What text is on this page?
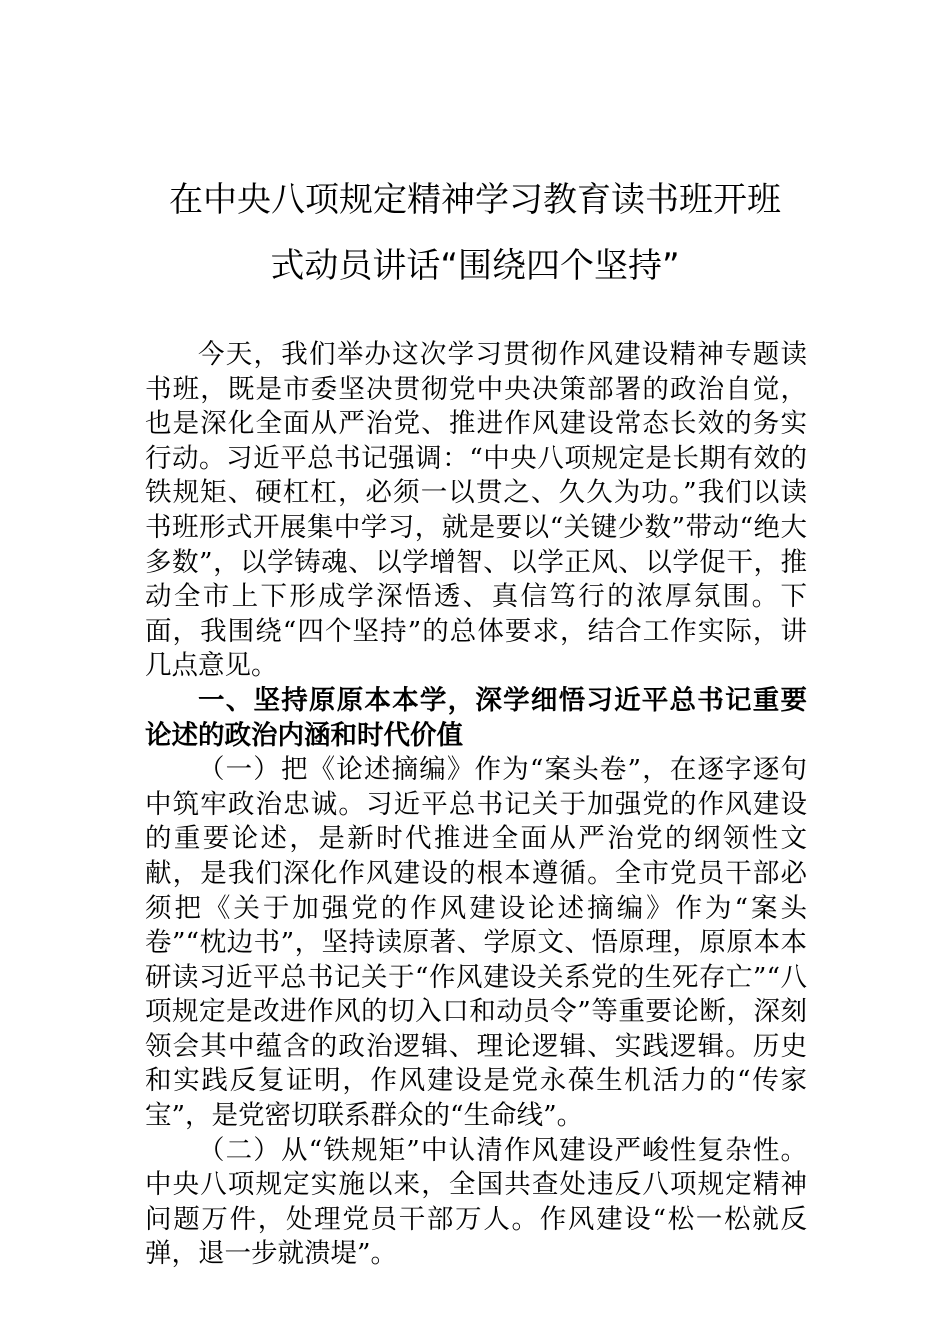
在中央八项规定精神学习教育读书班开班
式动员讲话“围绕四个坚持”

今天，我们举办这次学习贯彻作风建设精神专题读书班，既是市委坚决贯彻党中央决策部署的政治自觉，也是深化全面从严治党、推进作风建设常态长效的务实行动。习近平总书记强调：“中央八项规定是长期有效的铁规矩、硬杠杠，必须一以贯之、久久为功。”我们以读书班形式开展集中学习，就是要以“关键少数”带动“绝大多数”，以学铸魂、以学增智、以学正风、以学促干，推动全市上下形成学深悟透、真信笃行的浓厚氛围。下面，我围绕“四个坚持”的总体要求，结合工作实际，讲几点意见。

一、坚持原原本本学，深学细悟习近平总书记重要论述的政治内涵和时代价值

（一）把《论述摘编》作为“案头卷”，在逐字逐句中筑牢政治忠诚。习近平总书记关于加强党的作风建设的重要论述，是新时代推进全面从严治党的纲领性文献，是我们深化作风建设的根本遵循。全市党员干部必须把《关于加强党的作风建设论述摘编》作为“案头卷”“枕边书”，坚持读原著、学原文、悟原理，原原本本研读习近平总书记关于“作风建设关系党的生死存亡”“八项规定是改进作风的切入口和动员令”等重要论断，深刻领会其中蕴含的政治逻辑、理论逻辑、实践逻辑。历史和实践反复证明，作风建设是党永葆生机活力的“传家宝”，是党密切联系群众的“生命线”。

（二）从“铁规矩”中认清作风建设严峻性复杂性。中央八项规定实施以来，全国共查处违反八项规定精神问题万件，处理党员干部万人。作风建设“松一松就反弹，退一步就溃堤”。
